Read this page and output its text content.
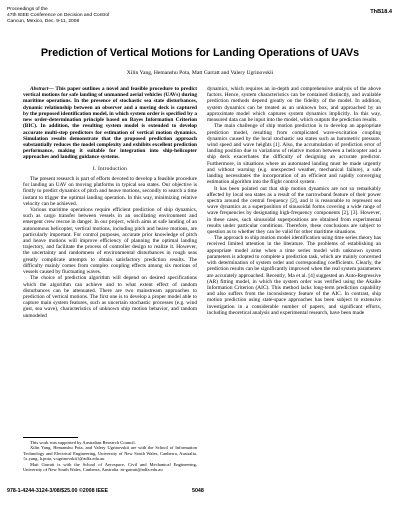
Proceedings of the
47th IEEE Conference on Decision and Control
Cancun, Mexico, Dec. 9-11, 2008
ThB18.4
Prediction of Vertical Motions for Landing Operations of UAVs

Xilin Yang, Hemanshu Pota, Matt Garratt and Valery Ugrinovskii

Abstract— This paper outlines a novel and feasible procedure to predict vertical motions for safe landing of unmanned aerial vehicles (UAVs) during maritime operations. In the presence of stochastic sea state disturbances, dynamic relationship between an observer and a moving deck is captured by the proposed identification model, in which system order is specified by a new order-determination principle based on Bayes Information Criterion (BIC). In addition, the resulting system model is extended to develop accurate multi-step predictors for estimation of vertical motion dynamics. Simulation results demonstrate that the proposed prediction approach substantially reduces the model complexity and exhibits excellent prediction performance, making it suitable for integration into ship-helicopter approaches and landing guidance systems.

I. Introduction

The present research is part of efforts devoted to develop a feasible procedure for landing an UAV on moving platforms in typical sea states. Our objective is firstly to predict dynamics of pitch and heave motions, secondly to search a time instant to trigger the optimal landing operation. In this way, minimizing relative velocity can be achieved.

Various maritime operations require efficient prediction of ship dynamics, such as cargo transfer between vessels in an oscillating environment and emergent crew rescue in danger. In our project, which aims at safe landing of an autonomous helicopter, vertical motions, including pitch and heave motions, are particularly important. For control purposes, accurate prior knowledge of pitch and heave motions will improve efficiency of planning the optimal landing trajectory, and facilitate the process of controller design to realize it. However, the uncertainty and randomness of environmental disturbances in rough seas greatly complicate attempts to obtain satisfactory prediction results. The difficulty mainly comes from complex coupling effects among six motions of vessels caused by fluctuating waves.

The choice of prediction algorithm will depend on desired specifications which the algorithm can achieve and to what extent effect of random disturbances can be attenuated. There are two mainstream approaches to prediction of vertical motions. The first one is to develop a proper model able to capture main system features, such as uncertain stochastic processes (e.g. wind gust, sea wave), characteristics of unknown ship motion behavior, and random unmodeled

This work was supported by Australian Research Council.

Xilin Yang, Hemanshu Pota, and Valery Ugrinovskii are with the School of Information Technology and Electrical Engineering, University of New South Wales, Canberra, Australia. {x.yang, h.pota, v.ugrinovskii}@adfa.edu.au

Matt Garratt is with the School of Aerospace, Civil and Mechanical Engineering, University of New South Wales, Canberra, Australia. m-garratt@adfa.edu.au

dynamics, which requires an in-depth and comprehensive analysis of the above factors. Hence, system characteristics can be contained distinctly, and available prediction methods depend greatly on the fidelity of the model. In addition, system dynamics can be treated as an unknown box, and approached by an approximate model which captures system dynamics implicitly. In this way, measured data can be input into the model, which outputs the prediction results.

The main challenge of ship motion prediction is to develop an appropriate prediction model, resulting from complicated wave-excitation coupling dynamics caused by the local stochastic sea states such as barometric pressure, wind speed and wave heights [1]. Also, the accumulation of prediction error of landing position due to variations of relative motion between a helicopter and a ship deck exacerbates the difficulty of designing an accurate predictor. Furthermore, in situations where an automated landing must be made urgently and without warning (e.g. unexpected weather, mechanical failure), a safe landing necessitates the incorporation of an efficient and rapidly converging estimation algorithm into the flight control system.

It has been pointed out that ship motion dynamics are not so remarkably affected by local sea states as a result of the narrowband feature of their power spectra around the central frequency [2], and it is reasonable to represent sea wave dynamics as a superposition of sinusoidal forms covering a wide range of wave frequencies by designating high-frequency components [2], [3]. However, in these cases, such sinusoidal superpositions are obtained from experimental results under particular conditions. Therefore, these conclusions are subject to question as to whether they can be valid for other maritime situations.

The approach to ship motion model identification using time series theory has received limited attention in the literature. The problems of establishing an appropriate model arise when a time series model with unknown system parameters is adopted to complete a prediction task, which are mainly concerned with determination of system order and corresponding coefficients. Clearly, the prediction results can be significantly improved when the real system parameters are accurately approached. Recently, Ma et al. [4] suggested an Auto-Regressive (AR) fitting model, in which the system order was verified using the Akaike Information Criterion (AIC). This method lacks long-term prediction capability and also suffers from the inconsistency feature of the AIC. In contrast, ship motion prediction using state-space approaches has been subject to extensive investigation in a considerable number of papers, and significant efforts, including theoretical analysis and experimental research, have been made

978-1-4244-3124-3/08/$25.00 ©2008 IEEE	5048
